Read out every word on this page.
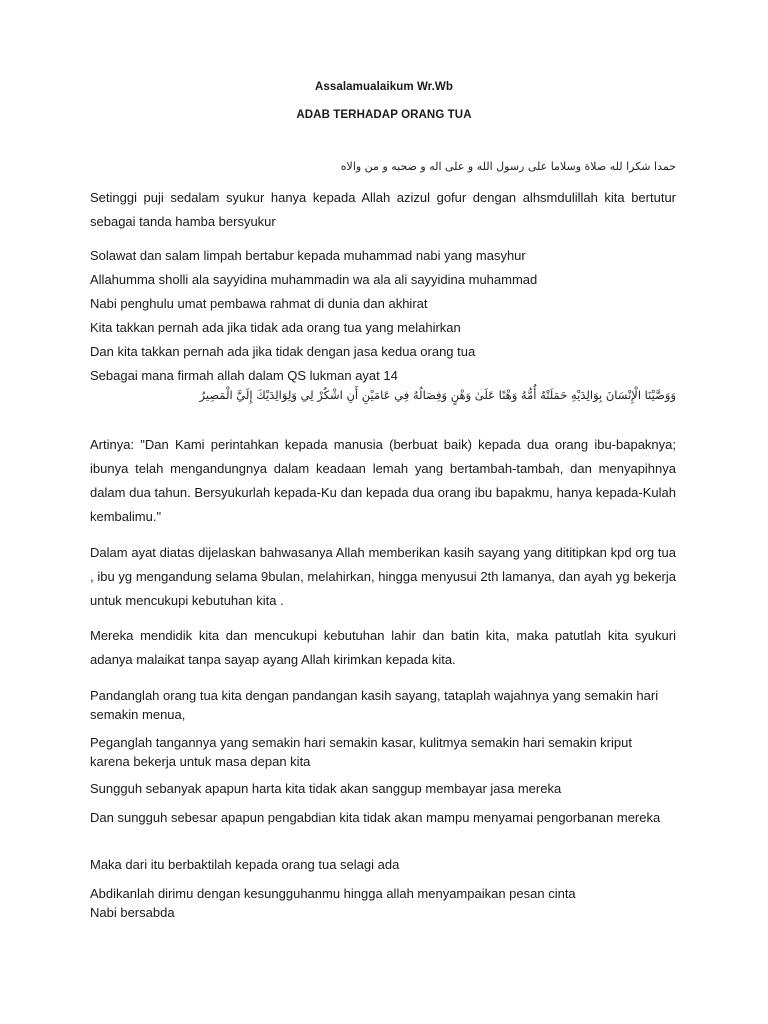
Assalamualaikum Wr.Wb
ADAB TERHADAP ORANG TUA
حمدا شكرا لله صلاة وسلاما على رسول الله و على اله و صحبه و من والاه
Setinggi puji sedalam syukur hanya kepada Allah azizul gofur dengan alhsmdulillah kita bertutur sebagai tanda hamba bersyukur
Solawat dan salam limpah bertabur kepada muhammad nabi yang masyhur
Allahumma sholli ala sayyidina muhammadin wa ala ali sayyidina muhammad
Nabi penghulu umat pembawa rahmat di dunia dan akhirat
Kita takkan pernah ada jika tidak ada orang tua yang melahirkan
Dan kita takkan pernah ada jika tidak dengan jasa kedua orang tua
Sebagai mana firmah allah dalam QS lukman ayat 14
وَوَصَّيْنَا الْإِنْسَانَ بِوَالِدَيْهِ حَمَلَتْهُ أُمُّهُ وَهْنًا عَلَىٰ وَهْنٍ وَفِصَالُهُ فِي عَامَيْنِ أَنِ اشْكُرْ لِي وَلِوَالِدَيْكَ إِلَيَّ الْمَصِيرُ
Artinya: "Dan Kami perintahkan kepada manusia (berbuat baik) kepada dua orang ibu-bapaknya; ibunya telah mengandungnya dalam keadaan lemah yang bertambah-tambah, dan menyapihnya dalam dua tahun. Bersyukurlah kepada-Ku dan kepada dua orang ibu bapakmu, hanya kepada-Kulah kembalimu."
Dalam ayat diatas dijelaskan bahwasanya Allah memberikan kasih sayang yang dititipkan kpd org tua , ibu yg mengandung selama 9bulan, melahirkan, hingga menyusui 2th lamanya, dan ayah yg bekerja untuk mencukupi kebutuhan kita .
Mereka mendidik kita dan mencukupi kebutuhan lahir dan batin kita, maka patutlah kita syukuri adanya malaikat tanpa sayap ayang Allah kirimkan kepada kita.
Pandanglah orang tua kita dengan pandangan kasih sayang, tataplah wajahnya yang semakin hari semakin menua,
Peganglah tangannya yang semakin hari semakin kasar, kulitmya semakin hari semakin kriput karena bekerja untuk masa depan kita
Sungguh sebanyak apapun harta kita tidak akan sanggup membayar jasa mereka
Dan sungguh sebesar apapun pengabdian kita tidak akan mampu menyamai pengorbanan mereka
Maka dari itu berbaktilah kepada orang tua selagi ada
Abdikanlah dirimu dengan kesungguhanmu hingga allah menyampaikan pesan cinta Nabi bersabda
